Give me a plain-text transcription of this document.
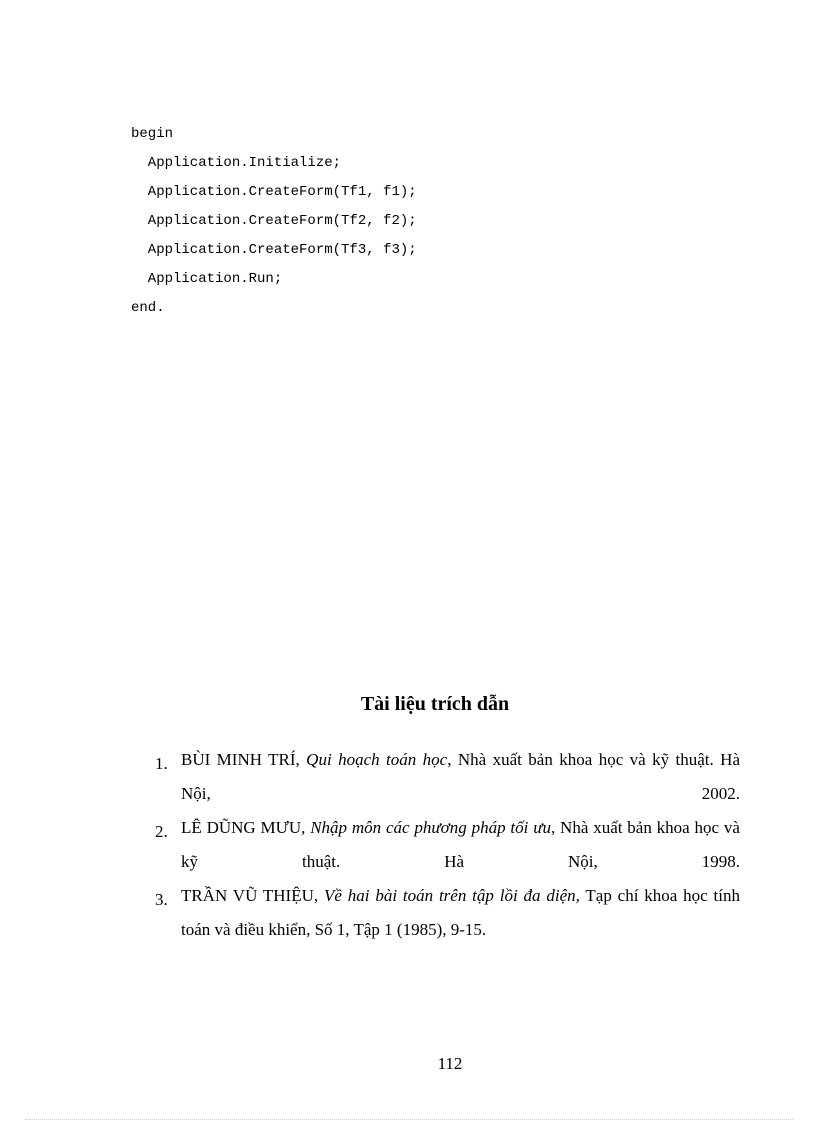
begin
Application.Initialize;
Application.CreateForm(Tf1, f1);
Application.CreateForm(Tf2, f2);
Application.CreateForm(Tf3, f3);
Application.Run;
end.
Tài liệu trích dẫn
1. BÙI MINH TRÍ, Qui hoạch toán học, Nhà xuất bản khoa học và kỹ thuật. Hà Nội, 2002.
2. LÊ DŨNG MƯU, Nhập môn các phương pháp tối ưu, Nhà xuất bản khoa học và kỹ thuật. Hà Nội, 1998.
3. TRẦN VŨ THIỆU, Về hai bài toán trên tập lồi đa diện, Tạp chí khoa học tính toán và điều khiển, Số 1, Tập 1 (1985), 9-15.
112
